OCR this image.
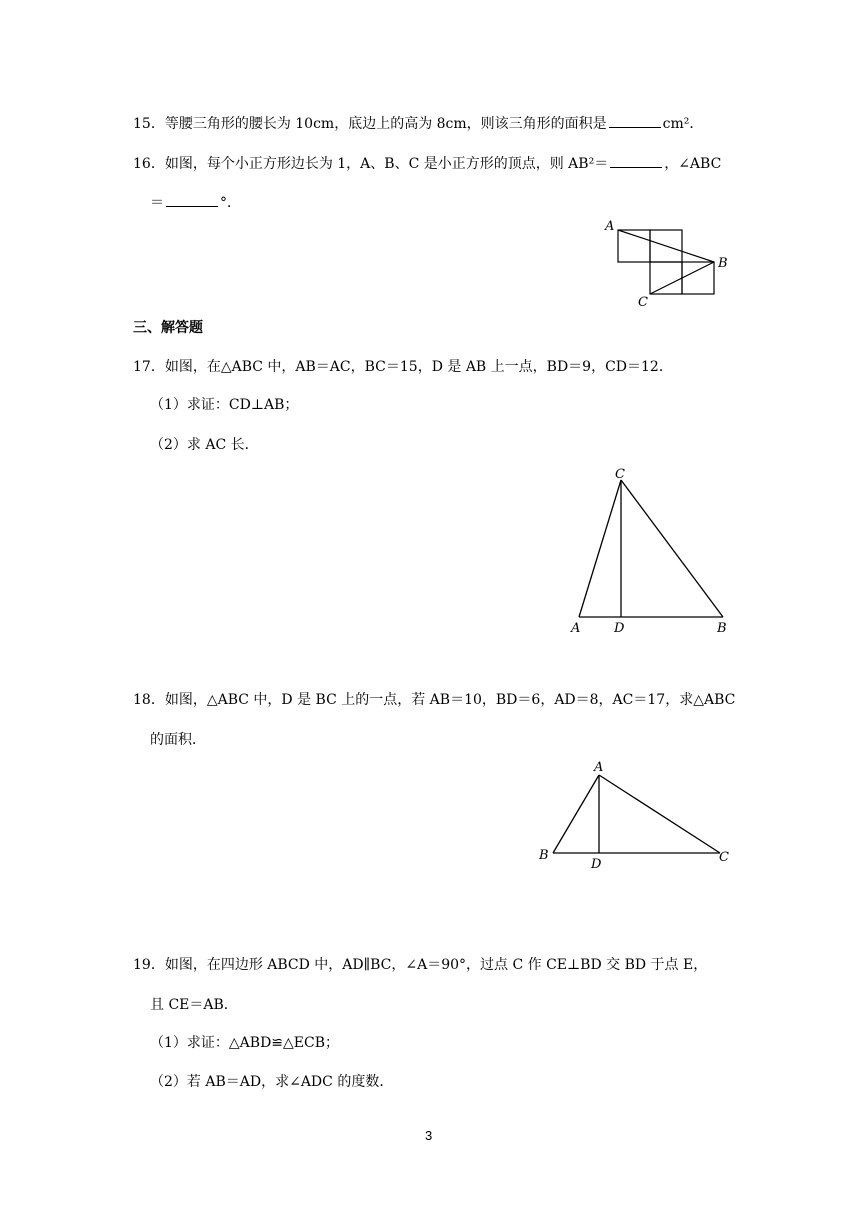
15．等腰三角形的腰长为 10cm，底边上的高为 8cm，则该三角形的面积是	cm²．
16．如图，每个小正方形边长为 1，A、B、C 是小正方形的顶点，则 AB²＝	，∠ABC
＝	°．
A
B
C
三、解答题
17．如图，在△ABC 中，AB＝AC，BC＝15，D 是 AB 上一点，BD＝9，CD＝12．
（1）求证：CD⊥AB；
（2）求 AC 长．
C
A	D	B
18．如图，△ABC 中，D 是 BC 上的一点，若 AB＝10，BD＝6，AD＝8，AC＝17，求△ABC
的面积．
A
B
D	C
19．如图，在四边形 ABCD 中，AD∥BC，∠A＝90°，过点 C 作 CE⊥BD 交 BD 于点 E，
且 CE＝AB．
（1）求证：△ABD≌△ECB；
（2）若 AB＝AD，求∠ADC 的度数．
3
